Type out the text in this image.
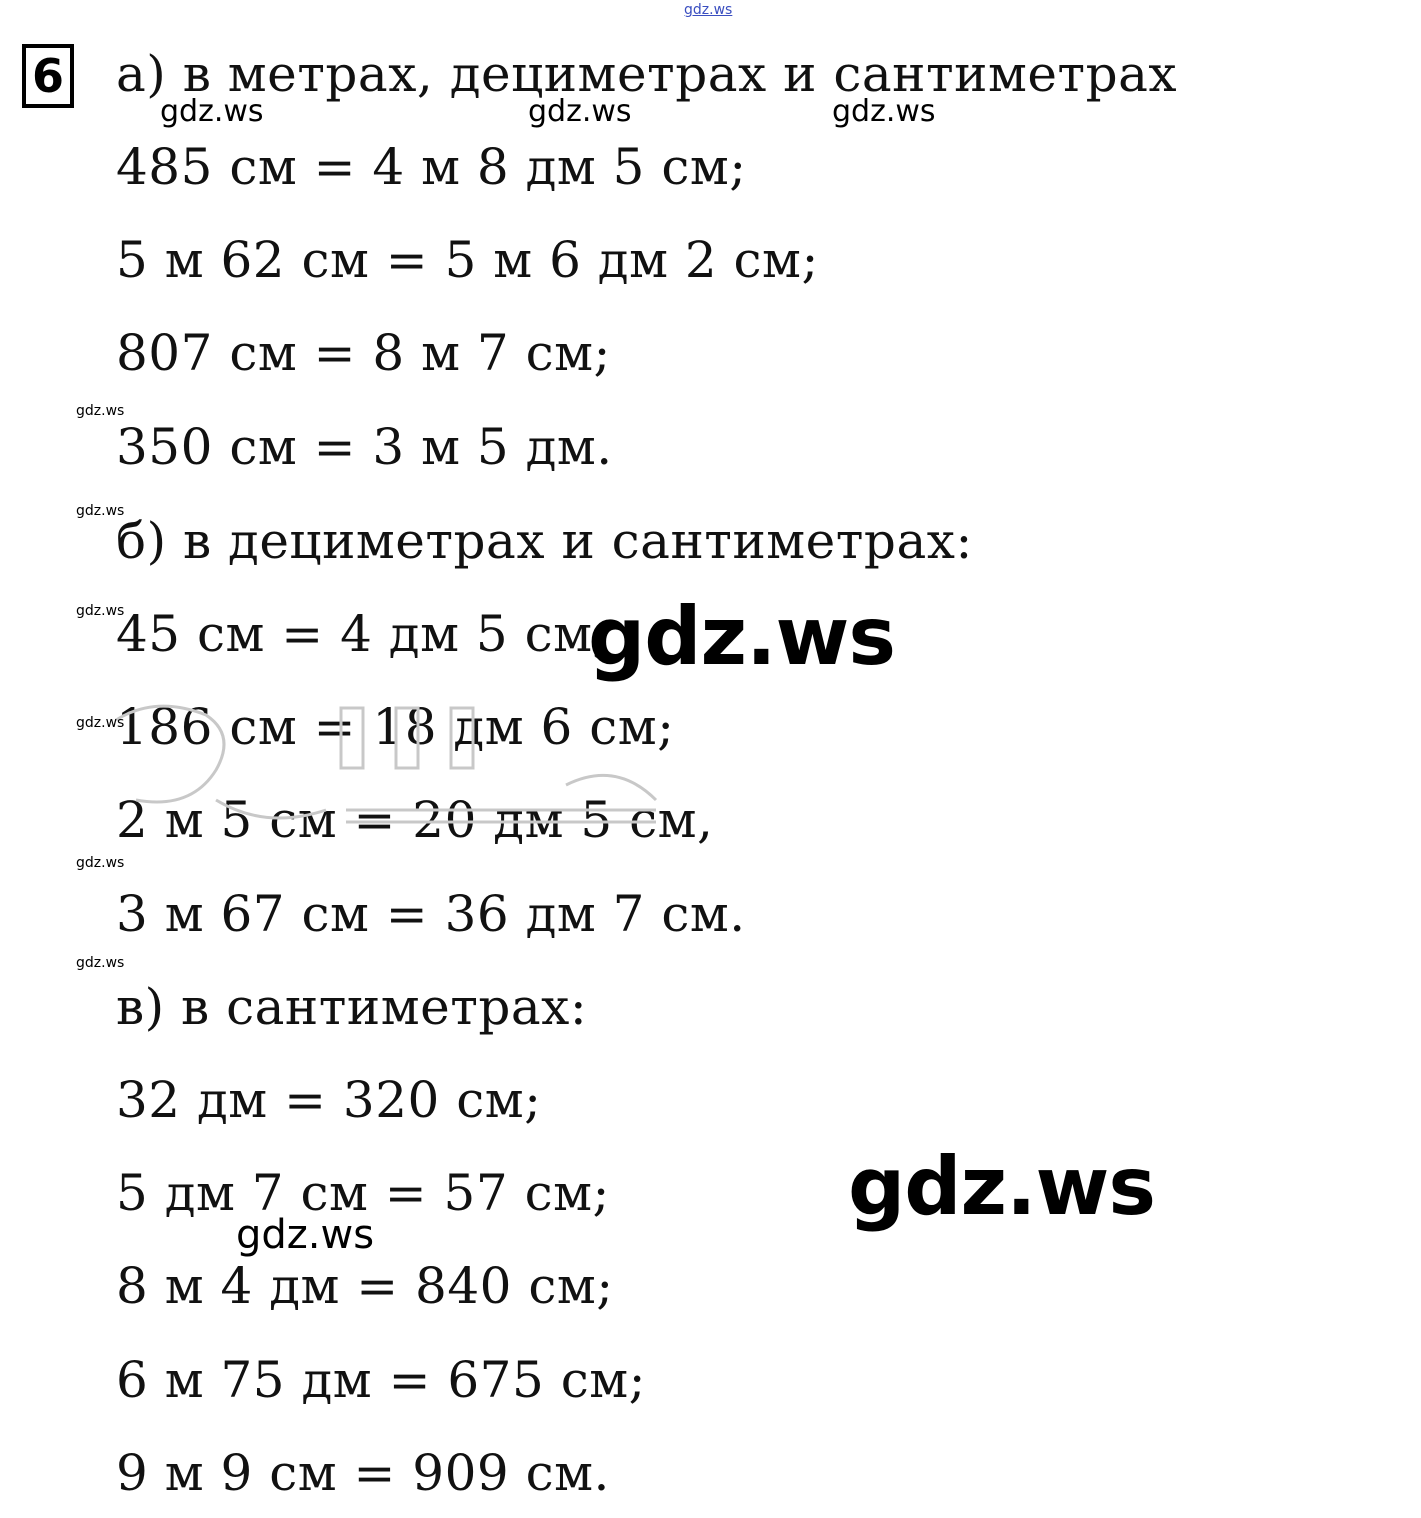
6 а) в метрах, дециметрах и сантиметрах
485 см = 4 м 8 дм 5 см;
5 м 62 см = 5 м 6 дм 2 см;
807 см = 8 м 7 см;
350 см = 3 м 5 дм.
б) в дециметрах и сантиметрах:
45 см = 4 дм 5 см;
186 см = 18 дм 6 см;
2 м 5 см = 20 дм 5 см,
3 м 67 см = 36 дм 7 см.
в) в сантиметрах:
32 дм = 320 см;
5 дм 7 см = 57 см;
8 м 4 дм = 840 см;
6 м 75 дм = 675 см;
9 м 9 см = 909 см.
gdz.ws
gdz.ws	gdz.ws	gdz.ws
gdz.ws
gdz.ws
gdz.ws
gdz.ws
gdz.ws
gdz.ws
gdz.ws
gdz.ws
gdz.ws
